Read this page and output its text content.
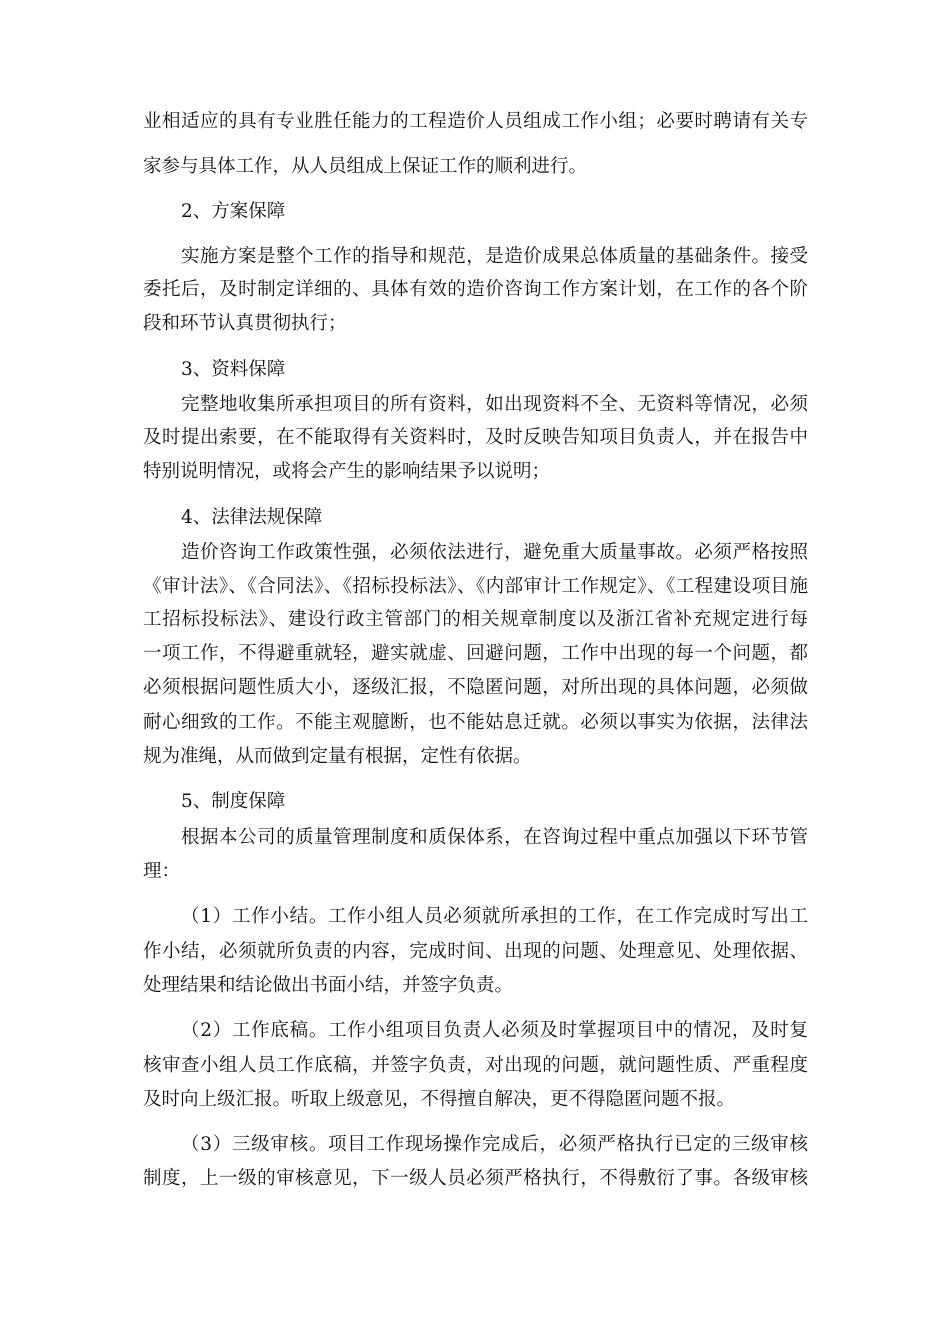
业相适应的具有专业胜任能力的工程造价人员组成工作小组；必要时聘请有关专
家参与具体工作，从人员组成上保证工作的顺利进行。
2、方案保障
实施方案是整个工作的指导和规范，是造价成果总体质量的基础条件。接受
委托后，及时制定详细的、具体有效的造价咨询工作方案计划，在工作的各个阶
段和环节认真贯彻执行；
3、资料保障
完整地收集所承担项目的所有资料，如出现资料不全、无资料等情况，必须
及时提出索要，在不能取得有关资料时，及时反映告知项目负责人，并在报告中
特别说明情况，或将会产生的影响结果予以说明；
4、法律法规保障
造价咨询工作政策性强，必须依法进行，避免重大质量事故。必须严格按照
《审计法》、《合同法》、《招标投标法》、《内部审计工作规定》、《工程建设项目施
工招标投标法》、建设行政主管部门的相关规章制度以及浙江省补充规定进行每
一项工作，不得避重就轻，避实就虚、回避问题，工作中出现的每一个问题，都
必须根据问题性质大小，逐级汇报，不隐匿问题，对所出现的具体问题，必须做
耐心细致的工作。不能主观臆断，也不能姑息迁就。必须以事实为依据，法律法
规为准绳，从而做到定量有根据，定性有依据。
5、制度保障
根据本公司的质量管理制度和质保体系，在咨询过程中重点加强以下环节管
理：
（1）工作小结。工作小组人员必须就所承担的工作，在工作完成时写出工
作小结，必须就所负责的内容，完成时间、出现的问题、处理意见、处理依据、
处理结果和结论做出书面小结，并签字负责。
（2）工作底稿。工作小组项目负责人必须及时掌握项目中的情况，及时复
核审查小组人员工作底稿，并签字负责，对出现的问题，就问题性质、严重程度
及时向上级汇报。听取上级意见，不得擅自解决，更不得隐匿问题不报。
（3）三级审核。项目工作现场操作完成后，必须严格执行已定的三级审核
制度，上一级的审核意见，下一级人员必须严格执行，不得敷衍了事。各级审核
